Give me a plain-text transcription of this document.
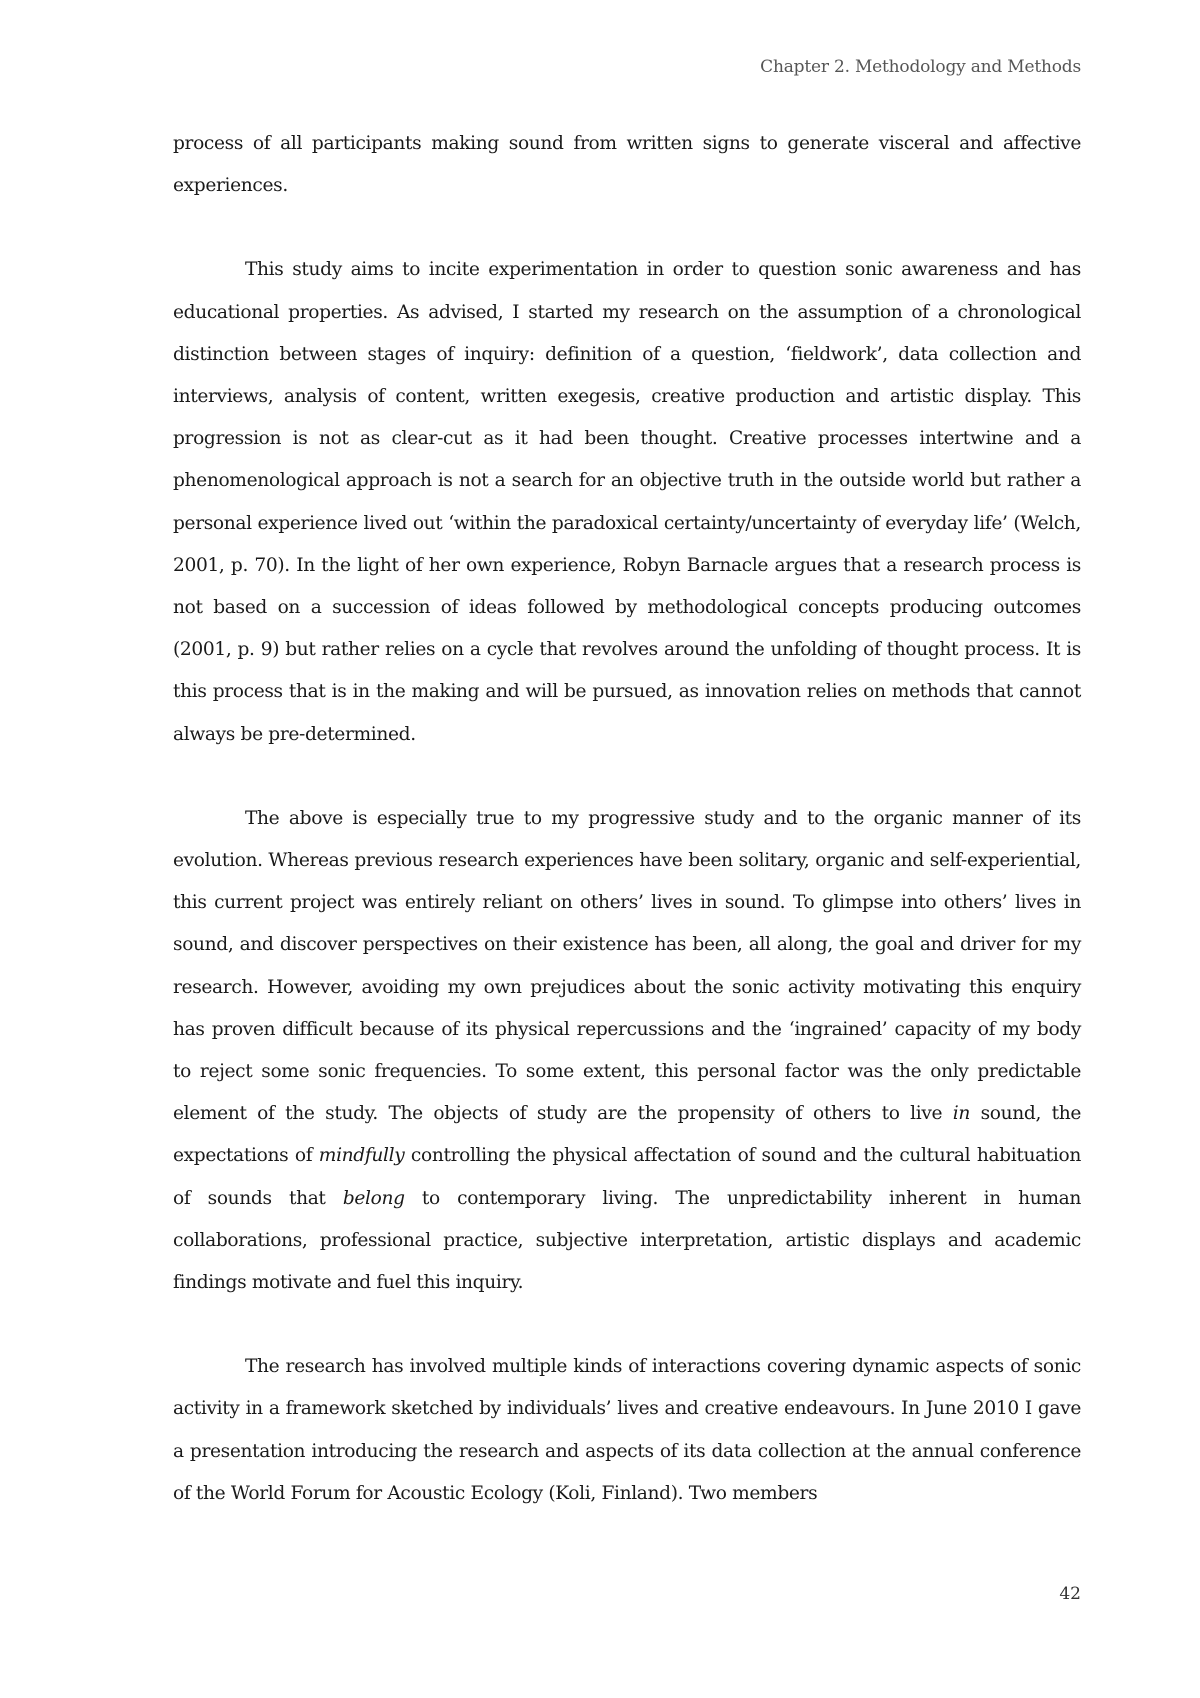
Chapter 2. Methodology and Methods

process of all participants making sound from written signs to generate visceral and affective experiences.

This study aims to incite experimentation in order to question sonic awareness and has educational properties. As advised, I started my research on the assumption of a chronological distinction between stages of inquiry: definition of a question, ‘fieldwork’, data collection and interviews, analysis of content, written exegesis, creative production and artistic display. This progression is not as clear-cut as it had been thought. Creative processes intertwine and a phenomenological approach is not a search for an objective truth in the outside world but rather a personal experience lived out ‘within the paradoxical certainty/uncertainty of everyday life’ (Welch, 2001, p. 70). In the light of her own experience, Robyn Barnacle argues that a research process is not based on a succession of ideas followed by methodological concepts producing outcomes (2001, p. 9) but rather relies on a cycle that revolves around the unfolding of thought process. It is this process that is in the making and will be pursued, as innovation relies on methods that cannot always be pre-determined.

The above is especially true to my progressive study and to the organic manner of its evolution. Whereas previous research experiences have been solitary, organic and self-experiential, this current project was entirely reliant on others’ lives in sound. To glimpse into others’ lives in sound, and discover perspectives on their existence has been, all along, the goal and driver for my research. However, avoiding my own prejudices about the sonic activity motivating this enquiry has proven difficult because of its physical repercussions and the ‘ingrained’ capacity of my body to reject some sonic frequencies. To some extent, this personal factor was the only predictable element of the study. The objects of study are the propensity of others to live in sound, the expectations of mindfully controlling the physical affectation of sound and the cultural habituation of sounds that belong to contemporary living. The unpredictability inherent in human collaborations, professional practice, subjective interpretation, artistic displays and academic findings motivate and fuel this inquiry.

The research has involved multiple kinds of interactions covering dynamic aspects of sonic activity in a framework sketched by individuals’ lives and creative endeavours. In June 2010 I gave a presentation introducing the research and aspects of its data collection at the annual conference of the World Forum for Acoustic Ecology (Koli, Finland). Two members

42
